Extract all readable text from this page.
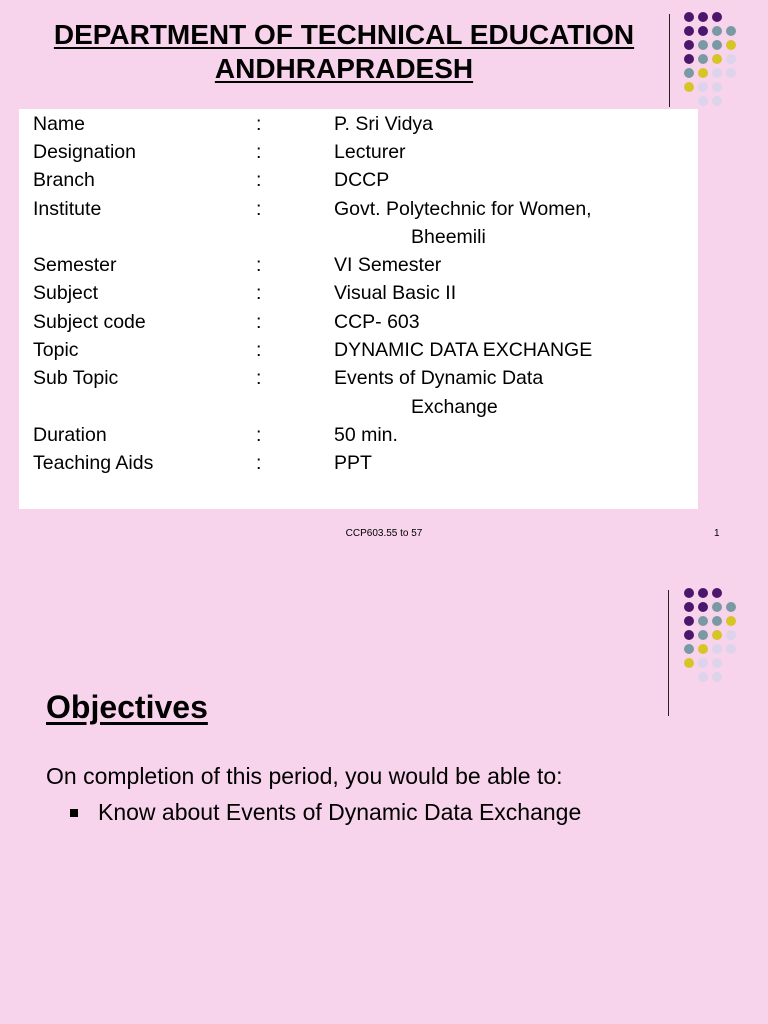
DEPARTMENT OF TECHNICAL EDUCATION
ANDHRAPRADESH
Name	:	P. Sri Vidya
Designation	:	Lecturer
Branch	:	DCCP
Institute	:	Govt. Polytechnic for Women,
Bheemili
Semester	:	VI Semester
Subject	:	Visual Basic II
Subject code	:	CCP- 603
Topic	:	DYNAMIC DATA EXCHANGE
Sub Topic	:	Events of Dynamic Data
Exchange
Duration	:	50 min.
Teaching Aids	:	PPT
CCP603.55 to 57	1
Objectives
On completion of this period, you would be able to:
Know about Events of Dynamic Data Exchange
